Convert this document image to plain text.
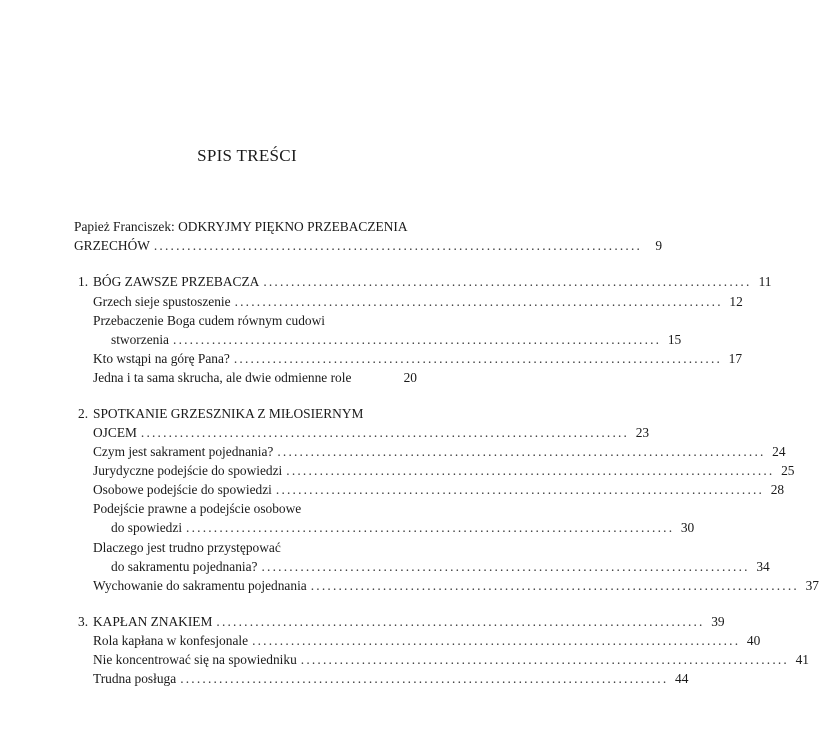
SPIS TREŚCI
Papież Franciszek: ODKRYJMY PIĘKNO PRZEBACZENIA
GRZECHÓW ........................................................................................ 9
1. BÓG ZAWSZE PRZEBACZA ........................................................................................ 11
Grzech sieje spustoszenie ........................................................................................ 12
Przebaczenie Boga cudem równym cudowi
stworzenia ........................................................................................ 15
Kto wstąpi na górę Pana? ........................................................................................ 17
Jedna i ta sama skrucha, ale dwie odmienne role	20
2. SPOTKANIE GRZESZNIKA Z MIŁOSIERNYM
OJCEM ........................................................................................ 23
Czym jest sakrament pojednania? ........................................................................................ 24
Jurydyczne podejście do spowiedzi ........................................................................................ 25
Osobowe podejście do spowiedzi ........................................................................................ 28
Podejście prawne a podejście osobowe
do spowiedzi ........................................................................................ 30
Dlaczego jest trudno przystępować
do sakramentu pojednania? ........................................................................................ 34
Wychowanie do sakramentu pojednania ........................................................................................ 37
3. KAPŁAN ZNAKIEM ........................................................................................ 39
Rola kapłana w konfesjonale ........................................................................................ 40
Nie koncentrować się na spowiedniku ........................................................................................ 41
Trudna posługa ........................................................................................ 44
